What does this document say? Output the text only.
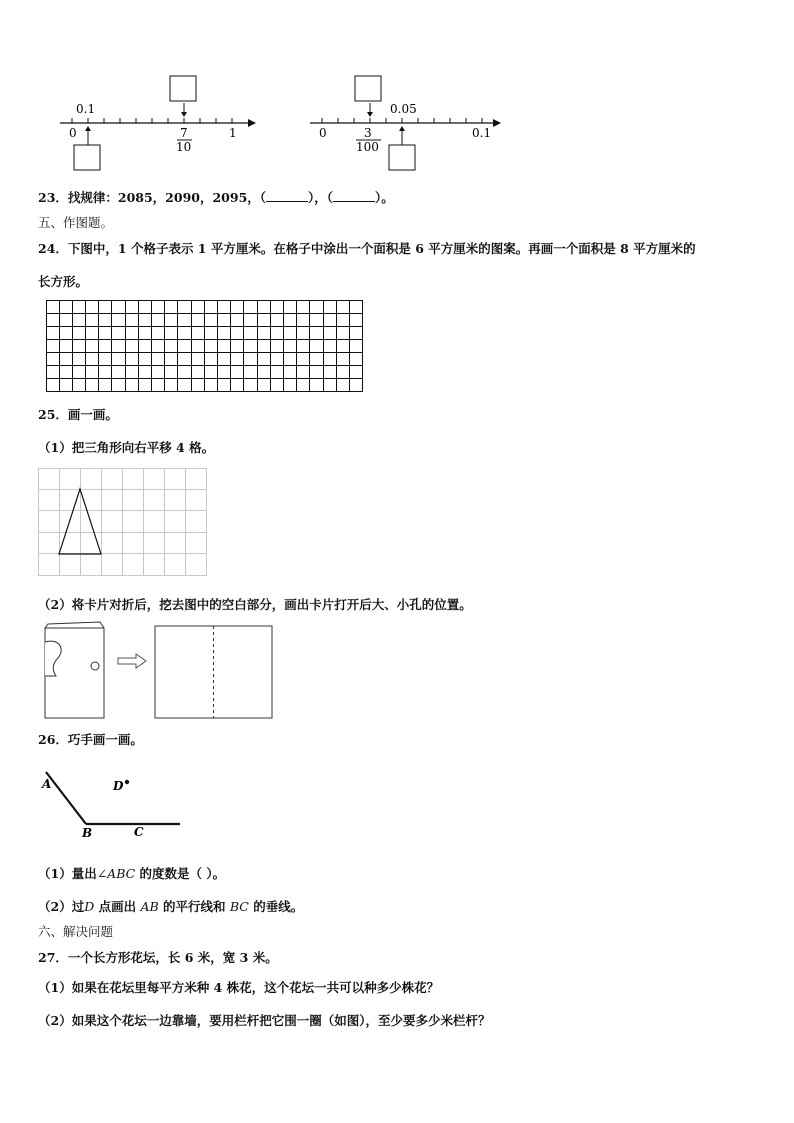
0.1
0	1
7
10
0.05
0	0.1
3
100
23．找规律：2085，2090，2095，（	），（	）。
五、作图题。
24．下图中，1 个格子表示 1 平方厘米。在格子中涂出一个面积是 6 平方厘米的图案。再画一个面积是 8 平方厘米的
长方形。
25．画一画。
（1）把三角形向右平移 4 格。
（2）将卡片对折后，挖去图中的空白部分，画出卡片打开后大、小孔的位置。
26．巧手画一画。
A
B	C
D
（1）量出∠ABC 的度数是（ ）。
（2）过D 点画出 AB 的平行线和 BC 的垂线。
六、解决问题
27．一个长方形花坛，长 6 米，宽 3 米。
（1）如果在花坛里每平方米种 4 株花，这个花坛一共可以种多少株花？
（2）如果这个花坛一边靠墙，要用栏杆把它围一圈（如图），至少要多少米栏杆？
